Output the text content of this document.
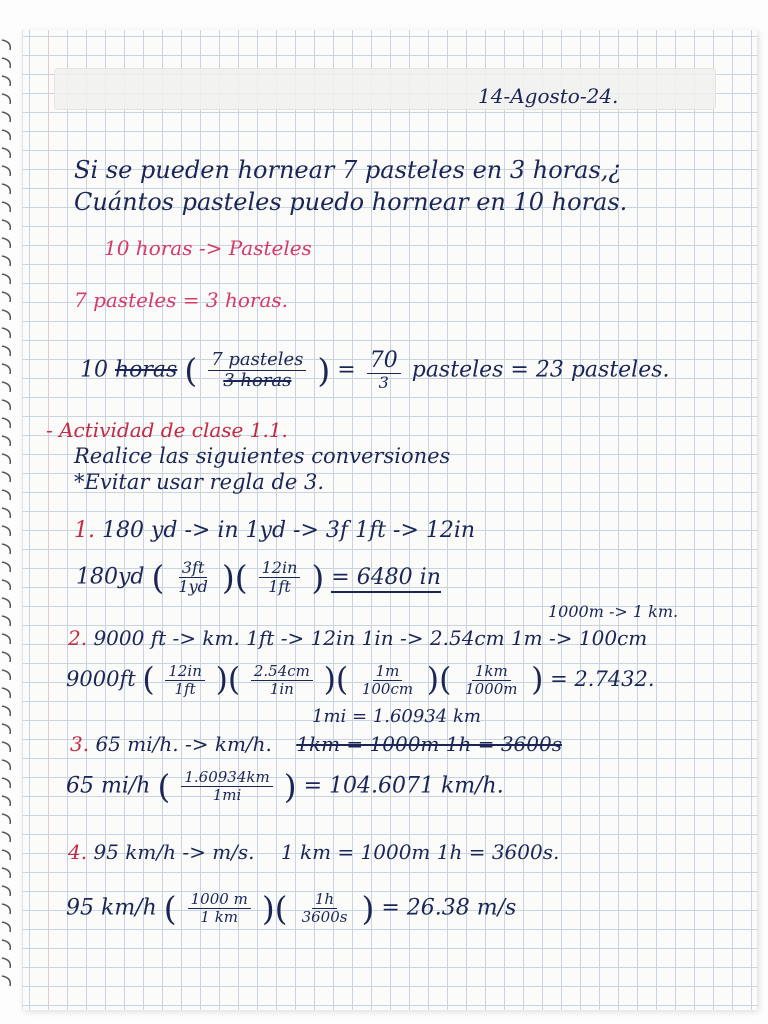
14-Agosto-24.
Si se pueden hornear 7 pasteles en 3 horas,¿
Cuántos pasteles puedo hornear en 10 horas.
10 horas -> Pasteles
7 pasteles = 3 horas.
10 horas ( $\frac{\text{7 pasteles}}{\text{3 horas}}$ ) = $\frac{70}{3}$ pasteles = 23 pasteles.
- Actividad de clase 1.1.
Realice las siguientes conversiones
*Evitar usar regla de 3.
1. 180 yd -> in 1yd -> 3f 1ft -> 12in
180yd ( $\frac{3ft}{1yd}$ )( $\frac{12in}{1ft}$ ) = 6480 in
1000m -> 1 km.
2. 9000 ft -> km. 1ft -> 12in 1in -> 2.54cm 1m -> 100cm
9000ft ( $\frac{12in}{1ft}$ )( $\frac{2.54cm}{1in}$ )( $\frac{1m}{100cm}$ )( $\frac{1km}{1000m}$ ) = 2.7432.
1mi = 1.60934 km
3. 65 mi/h. -> km/h. 1km = 1000m 1h = 3600s
65 mi/h ( $\frac{1.60934km}{1mi}$ ) = 104.6071 km/h.
4. 95 km/h -> m/s. 1 km = 1000m 1h = 3600s.
95 km/h ( $\frac{1000 m}{1 km}$ )( $\frac{1h}{3600s}$ ) = 26.38 m/s
